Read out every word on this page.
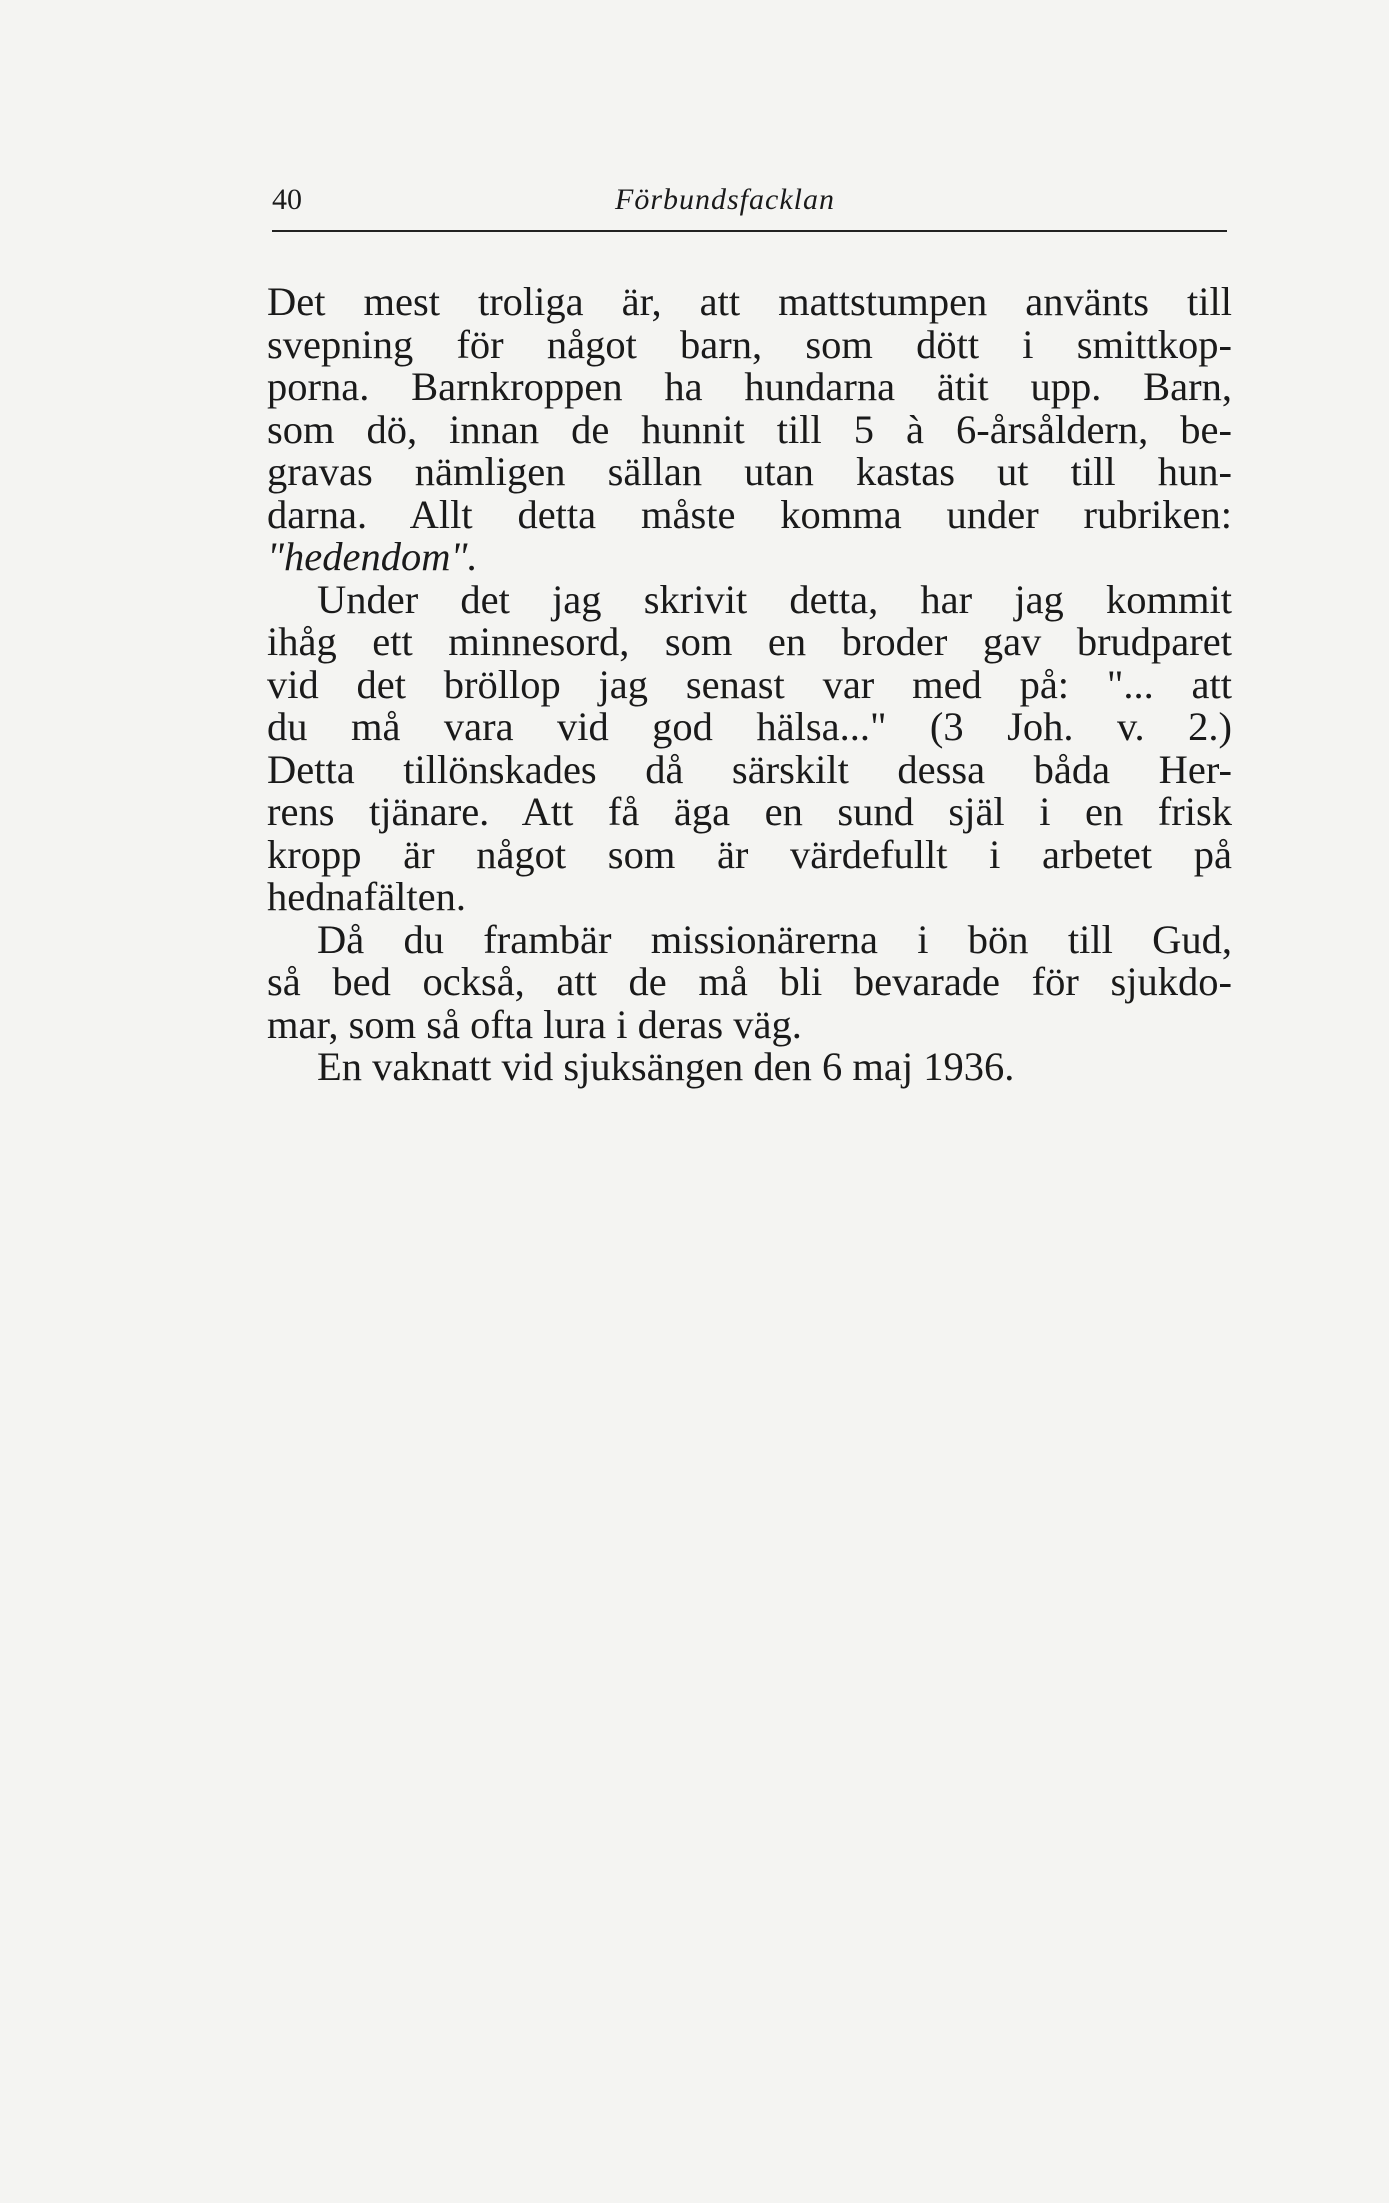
40	Förbundsfacklan
Det mest troliga är, att mattstumpen använts till
svepning för något barn, som dött i smittkop-
porna. Barnkroppen ha hundarna ätit upp. Barn,
som dö, innan de hunnit till 5 à 6-årsåldern, be-
gravas nämligen sällan utan kastas ut till hun-
darna. Allt detta måste komma under rubriken:
"hedendom".
Under det jag skrivit detta, har jag kommit
ihåg ett minnesord, som en broder gav brudparet
vid det bröllop jag senast var med på: "... att
du må vara vid god hälsa..." (3 Joh. v. 2.)
Detta tillönskades då särskilt dessa båda Her-
rens tjänare. Att få äga en sund själ i en frisk
kropp är något som är värdefullt i arbetet på
hednafälten.
Då du frambär missionärerna i bön till Gud,
så bed också, att de må bli bevarade för sjukdo-
mar, som så ofta lura i deras väg.
En vaknatt vid sjuksängen den 6 maj 1936.
